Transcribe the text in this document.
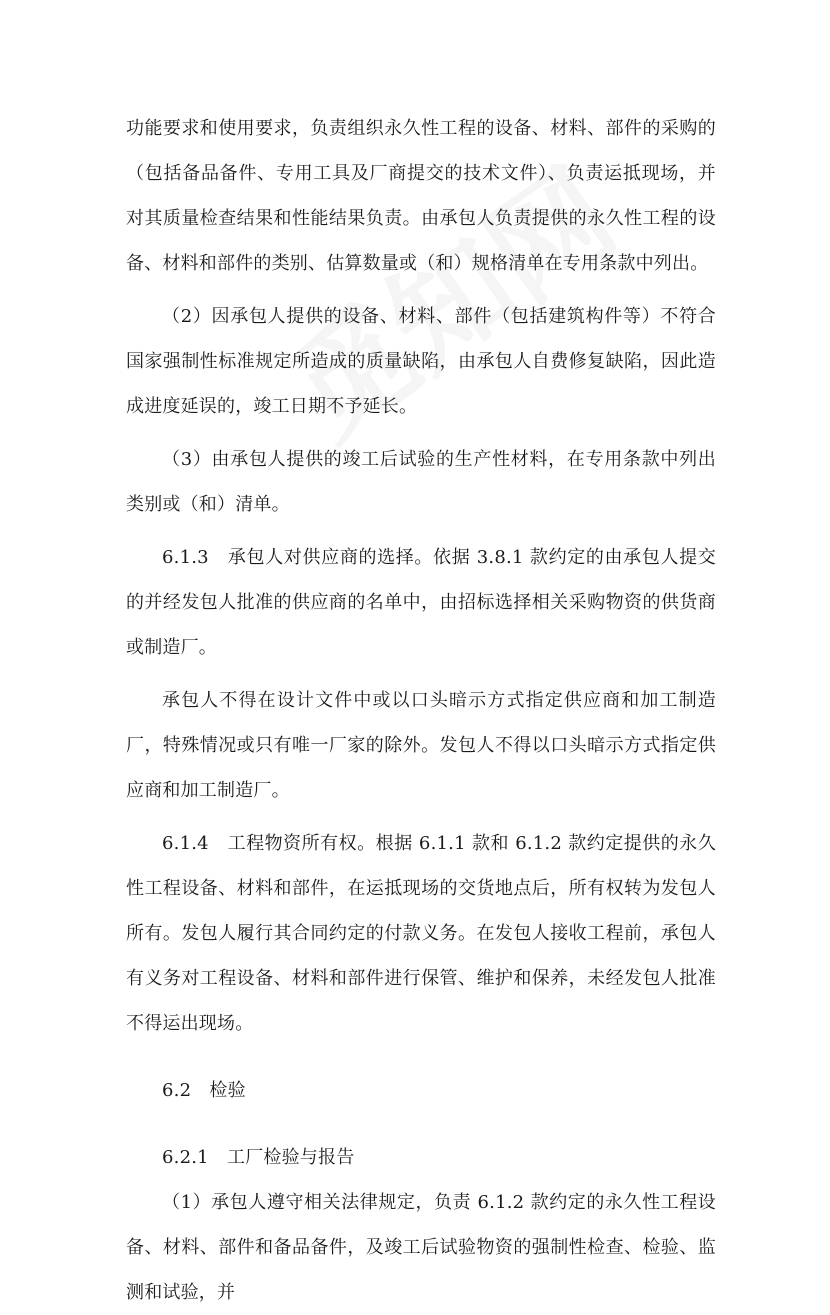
功能要求和使用要求，负责组织永久性工程的设备、材料、部件的采购的（包括备品备件、专用工具及厂商提交的技术文件）、负责运抵现场，并对其质量检查结果和性能结果负责。由承包人负责提供的永久性工程的设备、材料和部件的类别、估算数量或（和）规格清单在专用条款中列出。

（2）因承包人提供的设备、材料、部件（包括建筑构件等）不符合国家强制性标准规定所造成的质量缺陷，由承包人自费修复缺陷，因此造成进度延误的，竣工日期不予延长。

（3）由承包人提供的竣工后试验的生产性材料，在专用条款中列出类别或（和）清单。

6.1.3　承包人对供应商的选择。依据 3.8.1 款约定的由承包人提交的并经发包人批准的供应商的名单中，由招标选择相关采购物资的供货商或制造厂。

承包人不得在设计文件中或以口头暗示方式指定供应商和加工制造厂，特殊情况或只有唯一厂家的除外。发包人不得以口头暗示方式指定供应商和加工制造厂。

6.1.4　工程物资所有权。根据 6.1.1 款和 6.1.2 款约定提供的永久性工程设备、材料和部件，在运抵现场的交货地点后，所有权转为发包人所有。发包人履行其合同约定的付款义务。在发包人接收工程前，承包人有义务对工程设备、材料和部件进行保管、维护和保养，未经发包人批准不得运出现场。

6.2　检验

6.2.1　工厂检验与报告

（1）承包人遵守相关法律规定，负责 6.1.2 款约定的永久性工程设备、材料、部件和备品备件，及竣工后试验物资的强制性检查、检验、监测和试验，并
